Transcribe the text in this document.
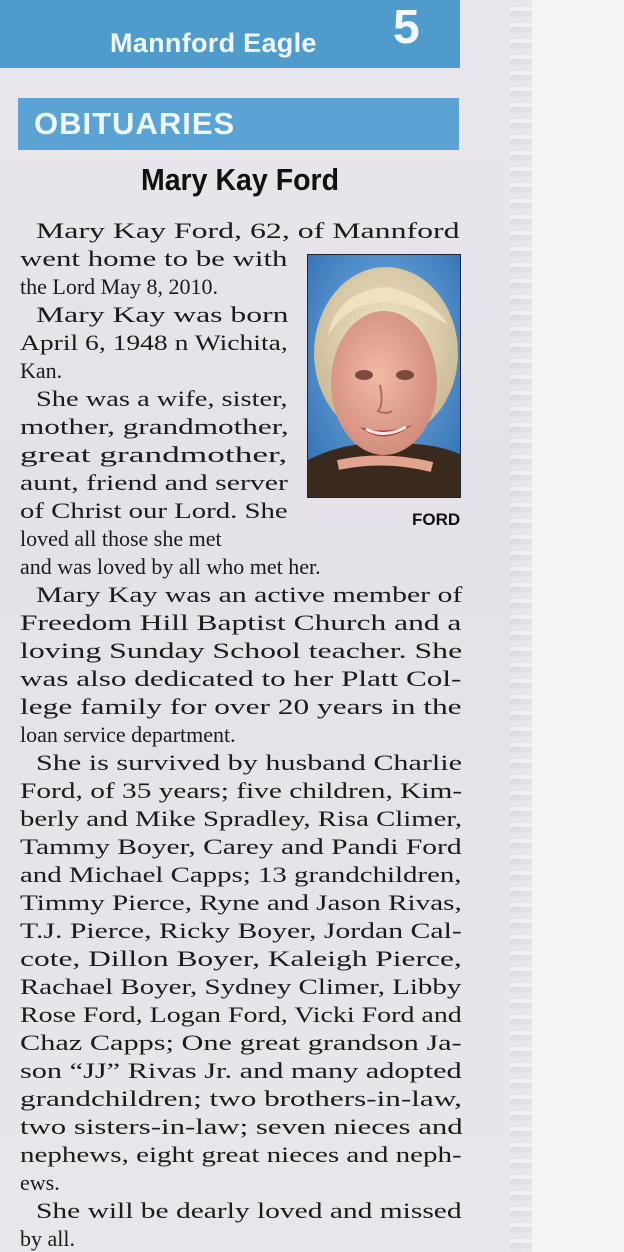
Mannford Eagle 5
OBITUARIES
Mary Kay Ford
FORD
Mary Kay Ford, 62, of Mannford
went home to be with
the Lord May 8, 2010.
Mary Kay was born
April 6, 1948 n Wichita,
Kan.
She was a wife, sister,
mother, grandmother,
great grandmother,
aunt, friend and server
of Christ our Lord. She
loved all those she met
and was loved by all who met her.
Mary Kay was an active member of
Freedom Hill Baptist Church and a
loving Sunday School teacher. She
was also dedicated to her Platt Col-
lege family for over 20 years in the
loan service department.
She is survived by husband Charlie
Ford, of 35 years; five children, Kim-
berly and Mike Spradley, Risa Climer,
Tammy Boyer, Carey and Pandi Ford
and Michael Capps; 13 grandchildren,
Timmy Pierce, Ryne and Jason Rivas,
T.J. Pierce, Ricky Boyer, Jordan Cal-
cote, Dillon Boyer, Kaleigh Pierce,
Rachael Boyer, Sydney Climer, Libby
Rose Ford, Logan Ford, Vicki Ford and
Chaz Capps; One great grandson Ja-
son “JJ” Rivas Jr. and many adopted
grandchildren; two brothers-in-law,
two sisters-in-law; seven nieces and
nephews, eight great nieces and neph-
ews.
She will be dearly loved and missed
by all.
